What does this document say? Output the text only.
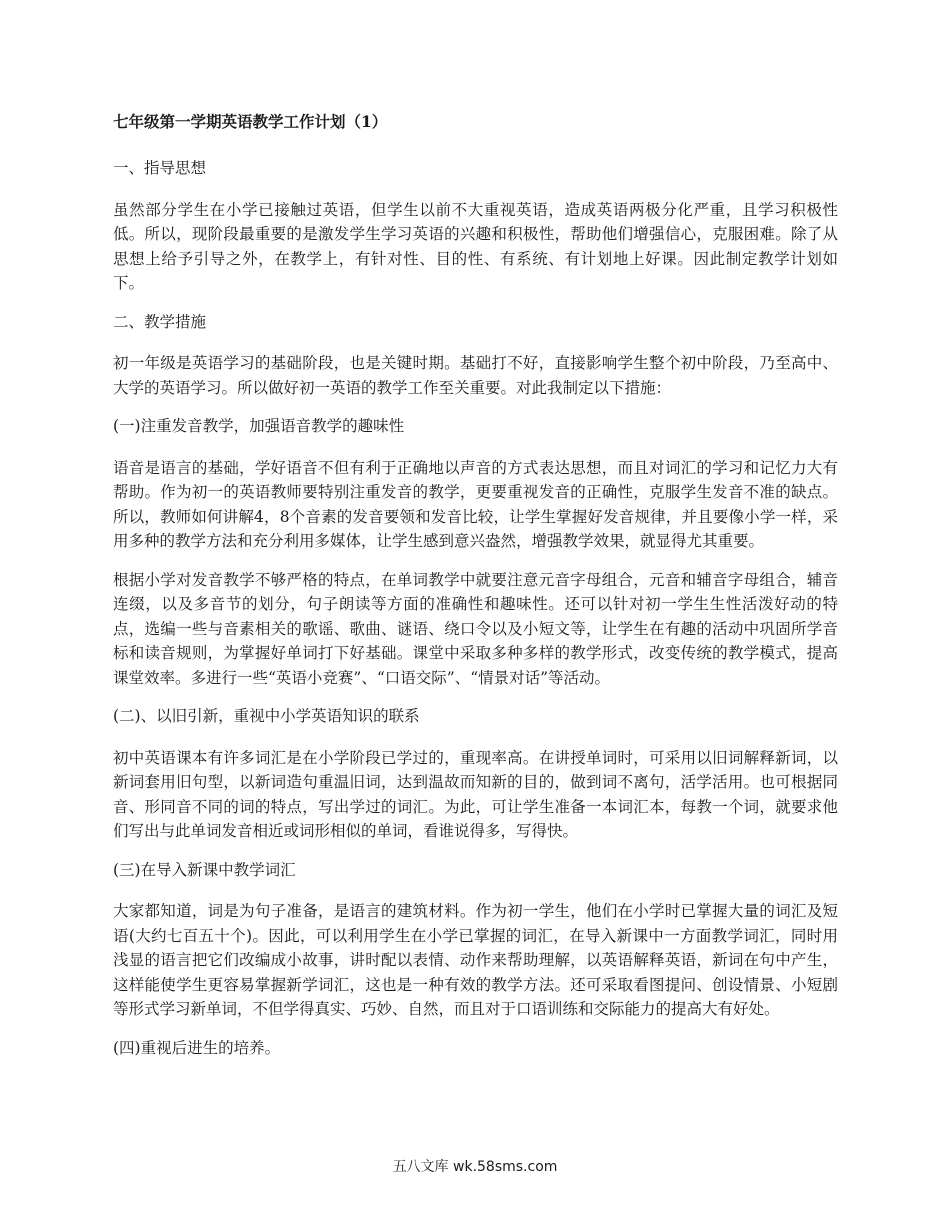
七年级第一学期英语教学工作计划（1）
一、指导思想
虽然部分学生在小学已接触过英语，但学生以前不大重视英语，造成英语两极分化严重，且学习积极性低。所以，现阶段最重要的是激发学生学习英语的兴趣和积极性，帮助他们增强信心，克服困难。除了从思想上给予引导之外，在教学上，有针对性、目的性、有系统、有计划地上好课。因此制定教学计划如下。
二、教学措施
初一年级是英语学习的基础阶段，也是关键时期。基础打不好，直接影响学生整个初中阶段，乃至高中、大学的英语学习。所以做好初一英语的教学工作至关重要。对此我制定以下措施：
(一)注重发音教学，加强语音教学的趣味性
语音是语言的基础，学好语音不但有利于正确地以声音的方式表达思想，而且对词汇的学习和记忆力大有帮助。作为初一的英语教师要特别注重发音的教学，更要重视发音的正确性，克服学生发音不准的缺点。所以，教师如何讲解4，8个音素的发音要领和发音比较，让学生掌握好发音规律，并且要像小学一样，采用多种的教学方法和充分利用多媒体，让学生感到意兴盎然，增强教学效果，就显得尤其重要。
根据小学对发音教学不够严格的特点，在单词教学中就要注意元音字母组合，元音和辅音字母组合，辅音连缀，以及多音节的划分，句子朗读等方面的准确性和趣味性。还可以针对初一学生生性活泼好动的特点，选编一些与音素相关的歌谣、歌曲、谜语、绕口令以及小短文等，让学生在有趣的活动中巩固所学音标和读音规则，为掌握好单词打下好基础。课堂中采取多种多样的教学形式，改变传统的教学模式，提高课堂效率。多进行一些“英语小竞赛”、“口语交际”、“情景对话”等活动。
(二)、以旧引新，重视中小学英语知识的联系
初中英语课本有许多词汇是在小学阶段已学过的，重现率高。在讲授单词时，可采用以旧词解释新词，以新词套用旧句型，以新词造句重温旧词，达到温故而知新的目的，做到词不离句，活学活用。也可根据同音、形同音不同的词的特点，写出学过的词汇。为此，可让学生准备一本词汇本，每教一个词，就要求他们写出与此单词发音相近或词形相似的单词，看谁说得多，写得快。
(三)在导入新课中教学词汇
大家都知道，词是为句子准备，是语言的建筑材料。作为初一学生，他们在小学时已掌握大量的词汇及短语(大约七百五十个)。因此，可以利用学生在小学已掌握的词汇，在导入新课中一方面教学词汇，同时用浅显的语言把它们改编成小故事，讲时配以表情、动作来帮助理解，以英语解释英语，新词在句中产生，这样能使学生更容易掌握新学词汇，这也是一种有效的教学方法。还可采取看图提问、创设情景、小短剧等形式学习新单词，不但学得真实、巧妙、自然，而且对于口语训练和交际能力的提高大有好处。
(四)重视后进生的培养。
五八文库 wk.58sms.com
